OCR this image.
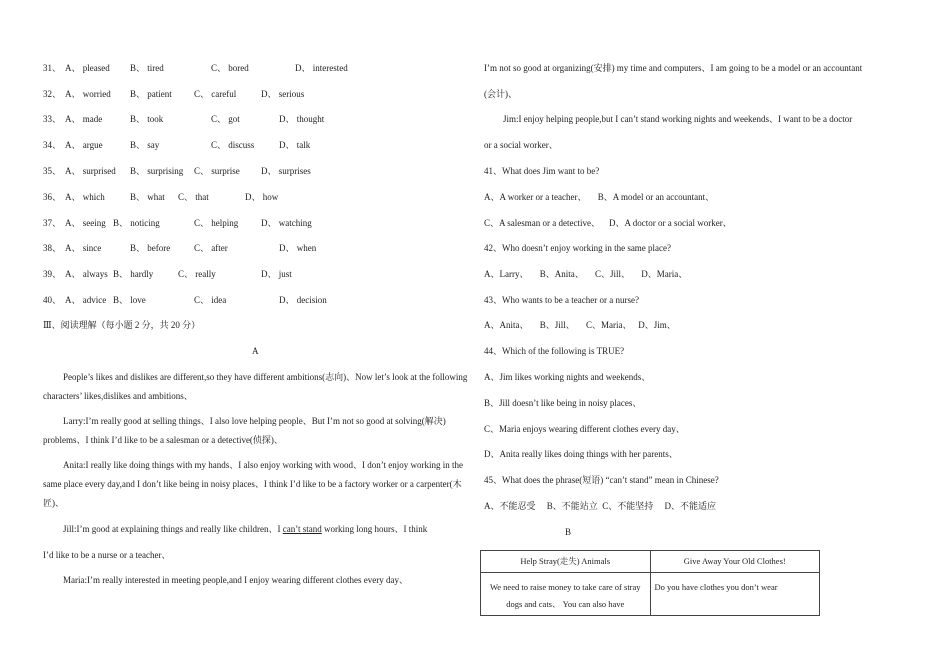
31、 A、 pleased B、 tired	C、 bored	D、 interested
32、 A、 worried B、 patient C、 careful	D、 serious
33、 A、 made	B、 took	C、 got	D、 thought
34、 A、 argue	B、 say	C、 discuss	D、 talk
35、 A、 surprised B、 surprising C、 surprise D、 surprises
36、 A、 which	B、 what C、 that	D、 how
37、 A、 seeing B、 noticing	C、 helping	D、 watching
38、 A、 since	B、 before	C、 after	D、 when
39、 A、 always B、 hardly	C、 really	D、 just
40、 A、 advice B、 love	C、 idea	D、 decision
Ⅲ、阅读理解（每小题 2 分，共 20 分）
A
People’s likes and dislikes are different,so they have different ambitions(志向)、Now let’s look at the following characters’ likes,dislikes and ambitions、
Larry:I’m really good at selling things、I also love helping people、But I’m not so good at solving(解决) problems、I think I’d like to be a salesman or a detective(侦探)、
Anita:I really like doing things with my hands、I also enjoy working with wood、I don’t enjoy working in the same place every day,and I don’t like being in noisy places、I think I’d like to be a factory worker or a carpenter(木匠)、
Jill:I’m good at explaining things and really like children、I can’t stand working long hours、I think
I’d like to be a nurse or a teacher、
Maria:I’m really interested in meeting people,and I enjoy wearing different clothes every day、
I’m not so good at organizing(安排) my time and computers、I am going to be a model or an accountant
(会计)、
Jim:I enjoy helping people,but I can’t stand working nights and weekends、I want to be a doctor
or a social worker、
41、What does Jim want to be?
A、A worker or a teacher、     B、A model or an accountant、
C、A salesman or a detective、    D、A doctor or a social worker、
42、Who doesn’t enjoy working in the same place?
A、Larry、     B、Anita、     C、Jill、     D、Maria、
43、Who wants to be a teacher or a nurse?
A、Anita、     B、Jill、     C、Maria、   D、Jim、
44、Which of the following is TRUE?
A、Jim likes working nights and weekends、
B、Jill doesn’t like being in noisy places、
C、Maria enjoys wearing different clothes every day、
D、Anita really likes doing things with her parents、
45、What does the phrase(短语) “can’t stand” mean in Chinese?
A、不能忍受     B、不能站立  C、不能坚持     D、不能适应
B
Help Stray(走失) Animals	Give Away Your Old Clothes!
We need to raise money to take care of stray dogs and cats、 You can also have	Do you have clothes you don’t wear
